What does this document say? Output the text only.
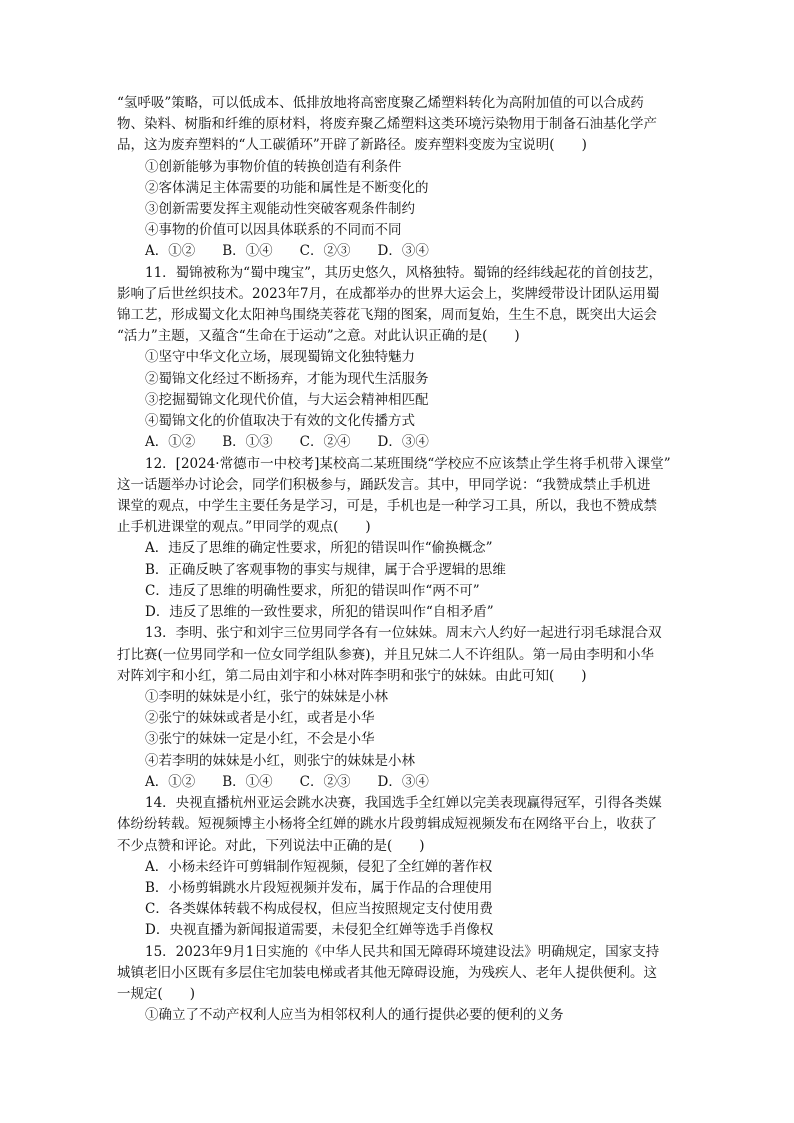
“氢呼吸”策略，可以低成本、低排放地将高密度聚乙烯塑料转化为高附加值的可以合成药
物、染料、树脂和纤维的原材料，将废弃聚乙烯塑料这类环境污染物用于制备石油基化学产
品，这为废弃塑料的“人工碳循环”开辟了新路径。废弃塑料变废为宝说明(　　)
①创新能够为事物价值的转换创造有利条件
②客体满足主体需要的功能和属性是不断变化的
③创新需要发挥主观能动性突破客观条件制约
④事物的价值可以因具体联系的不同而不同
A．①②　　B．①④　　C．②③　　D．③④
11．蜀锦被称为“蜀中瑰宝”，其历史悠久，风格独特。蜀锦的经纬线起花的首创技艺，
影响了后世丝织技术。2023年7月，在成都举办的世界大运会上，奖牌绶带设计团队运用蜀
锦工艺，形成蜀文化太阳神鸟围绕芙蓉花飞翔的图案，周而复始，生生不息，既突出大运会
“活力”主题，又蕴含“生命在于运动”之意。对此认识正确的是(　　)
①坚守中华文化立场，展现蜀锦文化独特魅力
②蜀锦文化经过不断扬弃，才能为现代生活服务
③挖掘蜀锦文化现代价值，与大运会精神相匹配
④蜀锦文化的价值取决于有效的文化传播方式
A．①②　　B．①③　　C．②④　　D．③④
12．[2024·常德市一中校考]某校高二某班围绕“学校应不应该禁止学生将手机带入课堂”
这一话题举办讨论会，同学们积极参与，踊跃发言。其中，甲同学说：“我赞成禁止手机进
课堂的观点，中学生主要任务是学习，可是，手机也是一种学习工具，所以，我也不赞成禁
止手机进课堂的观点。”甲同学的观点(　　)
A．违反了思维的确定性要求，所犯的错误叫作“偷换概念”
B．正确反映了客观事物的事实与规律，属于合乎逻辑的思维
C．违反了思维的明确性要求，所犯的错误叫作“两不可”
D．违反了思维的一致性要求，所犯的错误叫作“自相矛盾”
13．李明、张宁和刘宇三位男同学各有一位妹妹。周末六人约好一起进行羽毛球混合双
打比赛(一位男同学和一位女同学组队参赛)，并且兄妹二人不许组队。第一局由李明和小华
对阵刘宇和小红，第二局由刘宇和小林对阵李明和张宁的妹妹。由此可知(　　)
①李明的妹妹是小红，张宁的妹妹是小林
②张宁的妹妹或者是小红，或者是小华
③张宁的妹妹一定是小红，不会是小华
④若李明的妹妹是小红，则张宁的妹妹是小林
A．①②　　B．①④　　C．②③　　D．③④
14．央视直播杭州亚运会跳水决赛，我国选手全红婵以完美表现赢得冠军，引得各类媒
体纷纷转载。短视频博主小杨将全红婵的跳水片段剪辑成短视频发布在网络平台上，收获了
不少点赞和评论。对此，下列说法中正确的是(　　)
A．小杨未经许可剪辑制作短视频，侵犯了全红婵的著作权
B．小杨剪辑跳水片段短视频并发布，属于作品的合理使用
C．各类媒体转载不构成侵权，但应当按照规定支付使用费
D．央视直播为新闻报道需要，未侵犯全红婵等选手肖像权
15．2023年9月1日实施的《中华人民共和国无障碍环境建设法》明确规定，国家支持
城镇老旧小区既有多层住宅加装电梯或者其他无障碍设施，为残疾人、老年人提供便利。这
一规定(　　)
①确立了不动产权利人应当为相邻权利人的通行提供必要的便利的义务
